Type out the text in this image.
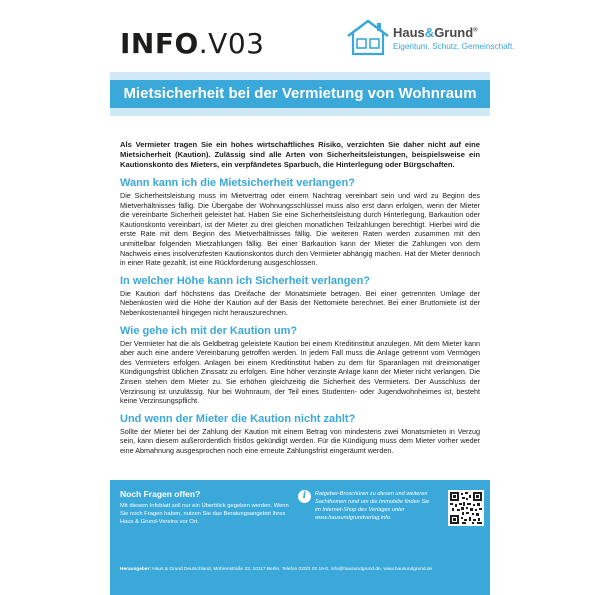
INFO.V03	Haus&Grund®
Eigentum. Schutz. Gemeinschaft.
Mietsicherheit bei der Vermietung von Wohnraum

Als Vermieter tragen Sie ein hohes wirtschaftliches Risiko, verzichten Sie daher nicht auf eine Mietsicherheit (Kaution). Zulässig sind alle Arten von Sicherheitsleistungen, beispielsweise ein Kautionskonto des Mieters, ein verpfändetes Sparbuch, die Hinterlegung oder Bürgschaften.

Wann kann ich die Mietsicherheit verlangen?

Die Sicherheitsleistung muss im Mietvertrag oder einem Nachtrag vereinbart sein und wird zu Beginn des Mietverhältnisses fällig. Die Übergabe der Wohnungsschlüssel muss also erst dann erfolgen, wenn der Mieter die vereinbarte Sicherheit geleistet hat. Haben Sie eine Sicherheitsleistung durch Hinterlegung, Barkaution oder Kautionskonto vereinbart, ist der Mieter zu drei gleichen monatlichen Teilzahlungen berechtigt. Hierbei wird die erste Rate mit dem Beginn des Mietverhältnisses fällig. Die weiteren Raten werden zusammen mit den unmittelbar folgenden Mietzahlungen fällig. Bei einer Barkaution kann der Mieter die Zahlungen von dem Nachweis eines insolvenzfesten Kautionskontos durch den Vermieter abhängig machen. Hat der Mieter dennoch in einer Rate gezahlt, ist eine Rückforderung ausgeschlossen.

In welcher Höhe kann ich Sicherheit verlangen?

Die Kaution darf höchstens das Dreifache der Monatsmiete betragen. Bei einer getrennten Umlage der Nebenkosten wird die Höhe der Kaution auf der Basis der Nettomiete berechnet. Bei einer Bruttomiete ist der Nebenkostenanteil hingegen nicht herauszurechnen.

Wie gehe ich mit der Kaution um?

Der Vermieter hat die als Geldbetrag geleistete Kaution bei einem Kreditinstitut anzulegen. Mit dem Mieter kann aber auch eine andere Vereinbarung getroffen werden. In jedem Fall muss die Anlage getrennt vom Vermögen des Vermieters erfolgen. Anlagen bei einem Kreditinstitut haben zu dem für Sparanlagen mit dreimonatiger Kündigungsfrist üblichen Zinssatz zu erfolgen. Eine höher verzinste Anlage kann der Mieter nicht verlangen. Die Zinsen stehen dem Mieter zu. Sie erhöhen gleichzeitig die Sicherheit des Vermieters. Der Ausschluss der Verzinsung ist unzulässig. Nur bei Wohnraum, der Teil eines Studenten- oder Jugendwohnheimes ist, besteht keine Verzinsungspflicht.

Und wenn der Mieter die Kaution nicht zahlt?

Sollte der Mieter bei der Zahlung der Kaution mit einem Betrag von mindestens zwei Monatsmieten in Verzug sein, kann diesem außerordentlich fristlos gekündigt werden. Für die Kündigung muss dem Mieter vorher weder eine Abmahnung ausgesprochen noch eine erneute Zahlungsfrist eingeräumt werden.

Noch Fragen offen?
Mit diesem Infoblatt soll nur ein Überblick gegeben werden. Wenn Sie noch Fragen haben, nutzen Sie das Beratungsangebot Ihres Haus & Grund-Vereins vor Ort.
i	Ratgeber-Broschüren zu diesen und weiteren Sachthemen rund um die Immobilie finden Sie im Internet-Shop des Verlages unter www.hausundgrundverlag.info.
Herausgeber: Haus & Grund Deutschland, Mohrenstraße 33, 10117 Berlin, Telefon 030/2 02 16-0, info@hausundgrund.de, www.hausundgrund.de
